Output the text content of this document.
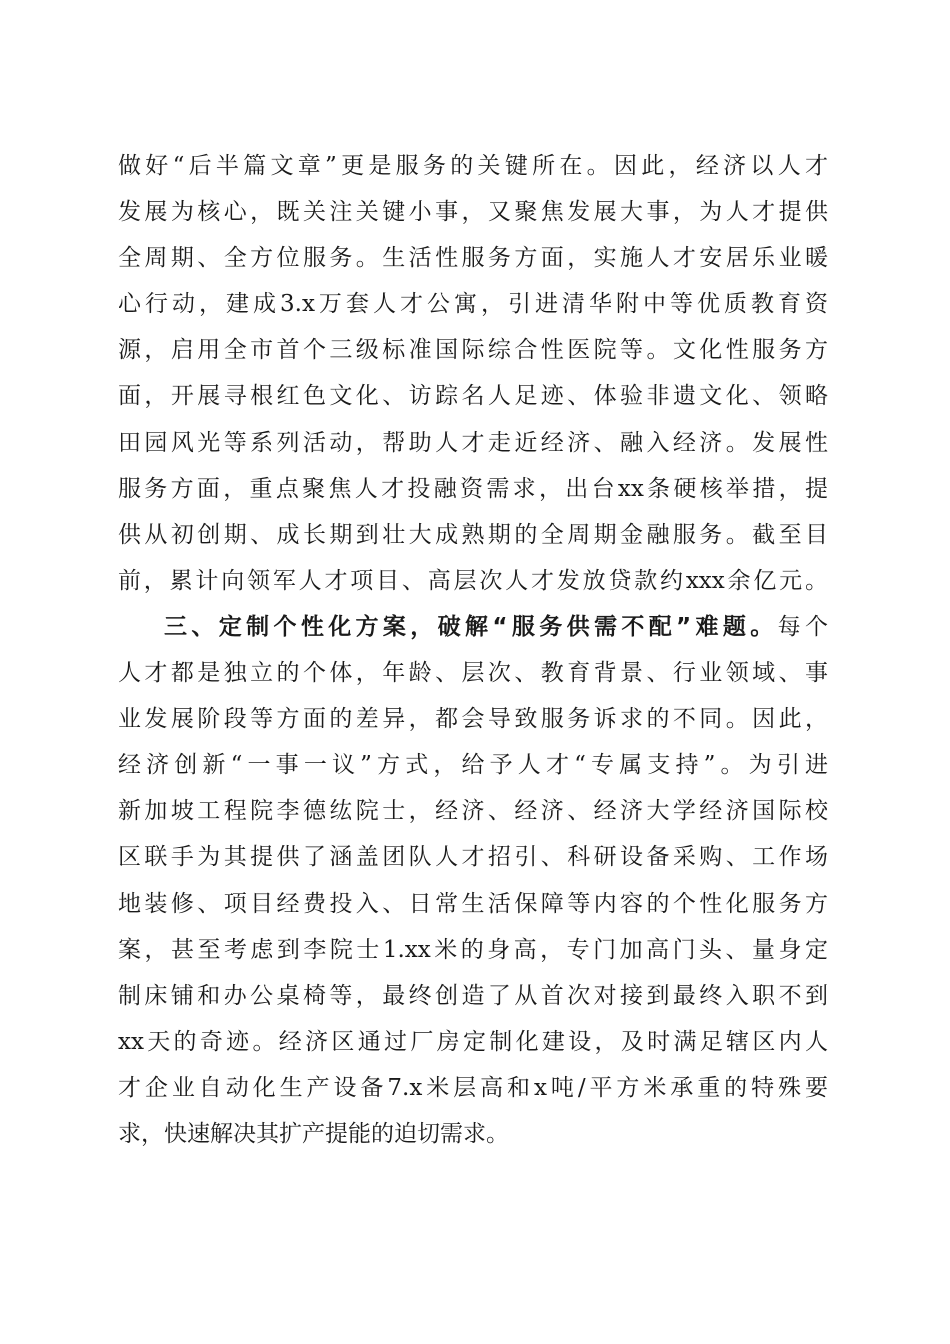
做好“后半篇文章”更是服务的关键所在。因此，经济以人才
发展为核心，既关注关键小事，又聚焦发展大事，为人才提供
全周期、全方位服务。生活性服务方面，实施人才安居乐业暖
心行动，建成3.x万套人才公寓，引进清华附中等优质教育资
源，启用全市首个三级标准国际综合性医院等。文化性服务方
面，开展寻根红色文化、访踪名人足迹、体验非遗文化、领略
田园风光等系列活动，帮助人才走近经济、融入经济。发展性
服务方面，重点聚焦人才投融资需求，出台xx条硬核举措，提
供从初创期、成长期到壮大成熟期的全周期金融服务。截至目
前，累计向领军人才项目、高层次人才发放贷款约xxx余亿元。
三、定制个性化方案，破解“服务供需不配”难题。每个
人才都是独立的个体，年龄、层次、教育背景、行业领域、事
业发展阶段等方面的差异，都会导致服务诉求的不同。因此，
经济创新“一事一议”方式，给予人才“专属支持”。为引进
新加坡工程院李德纮院士，经济、经济、经济大学经济国际校
区联手为其提供了涵盖团队人才招引、科研设备采购、工作场
地装修、项目经费投入、日常生活保障等内容的个性化服务方
案，甚至考虑到李院士1.xx米的身高，专门加高门头、量身定
制床铺和办公桌椅等，最终创造了从首次对接到最终入职不到
xx天的奇迹。经济区通过厂房定制化建设，及时满足辖区内人
才企业自动化生产设备7.x米层高和x吨/平方米承重的特殊要
求，快速解决其扩产提能的迫切需求。
